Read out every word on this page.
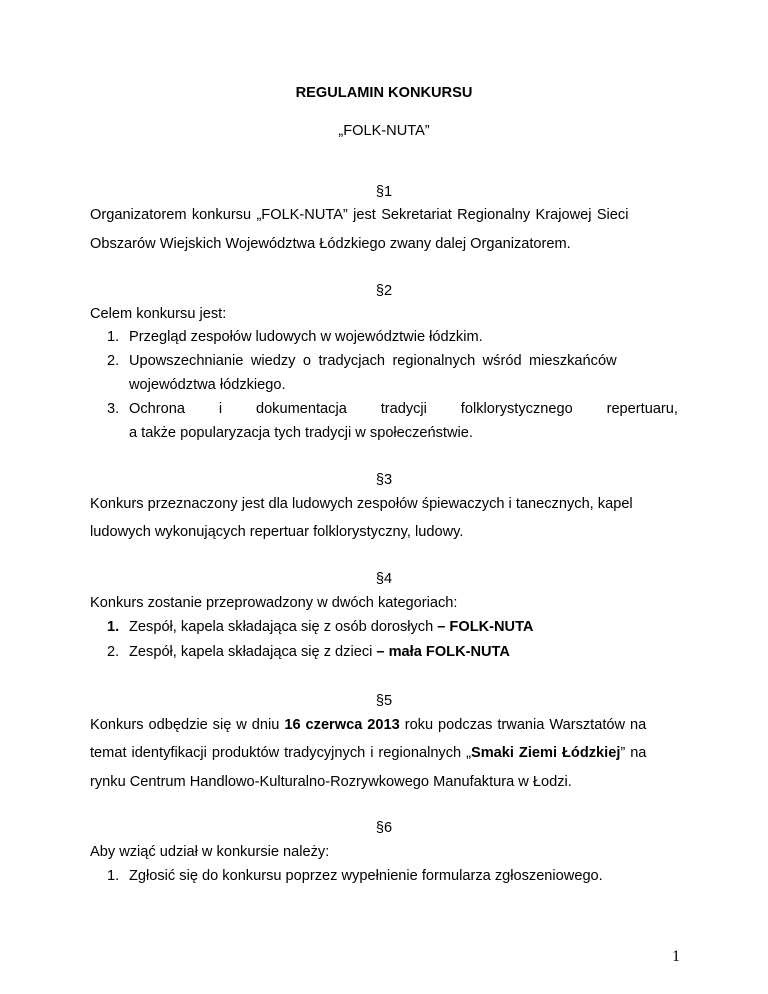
REGULAMIN KONKURSU
„FOLK-NUTA”
§1
Organizatorem konkursu „FOLK-NUTA” jest Sekretariat Regionalny Krajowej Sieci
Obszarów Wiejskich Województwa Łódzkiego zwany dalej Organizatorem.
§2
Celem konkursu jest:
1. Przegląd zespołów ludowych w województwie łódzkim.
2. Upowszechnianie wiedzy o tradycjach regionalnych wśród mieszkańców
województwa łódzkiego.
3. Ochrona i dokumentacja tradycji folklorystycznego repertuaru,
a także popularyzacja tych tradycji w społeczeństwie.
§3
Konkurs przeznaczony jest dla ludowych zespołów śpiewaczych i tanecznych, kapel
ludowych wykonujących repertuar folklorystyczny, ludowy.
§4
Konkurs zostanie przeprowadzony w dwóch kategoriach:
1. Zespół, kapela składająca się z osób dorosłych – FOLK-NUTA
2. Zespół, kapela składająca się z dzieci – mała FOLK-NUTA
§5
Konkurs odbędzie się w dniu 16 czerwca 2013 roku podczas trwania Warsztatów na
temat identyfikacji produktów tradycyjnych i regionalnych „Smaki Ziemi Łódzkiej” na
rynku Centrum Handlowo-Kulturalno-Rozrywkowego Manufaktura w Łodzi.
§6
Aby wziąć udział w konkursie należy:
1. Zgłosić się do konkursu poprzez wypełnienie formularza zgłoszeniowego.
1
